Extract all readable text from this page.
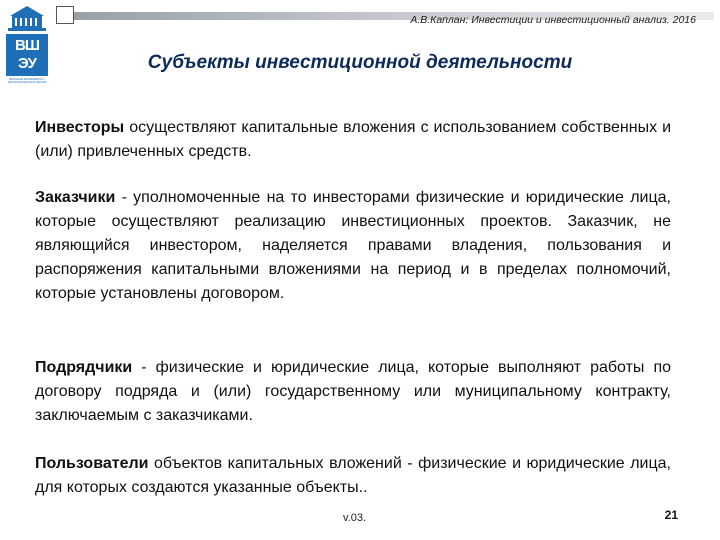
ВШ
ЭУ
ВЫСШАЯ ИНЖЕНЕРНО-ЭКОНОМИЧЕСКАЯ ШКОЛА
А.В.Каплан: Инвестиции и инвестиционный анализ. 2016
Субъекты инвестиционной деятельности
Инвесторы осуществляют капитальные вложения с использованием собственных и (или) привлеченных средств.
Заказчики - уполномоченные на то инвесторами физические и юридические лица, которые осуществляют реализацию инвестиционных проектов. Заказчик, не являющийся инвестором, наделяется правами владения, пользования и распоряжения капитальными вложениями на период и в пределах полномочий, которые установлены договором.
Подрядчики - физические и юридические лица, которые выполняют работы по договору подряда и (или) государственному или муниципальному контракту, заключаемым с заказчиками.
Пользователи объектов капитальных вложений - физические и юридические лица, для которых создаются указанные объекты..
v.03.	21
